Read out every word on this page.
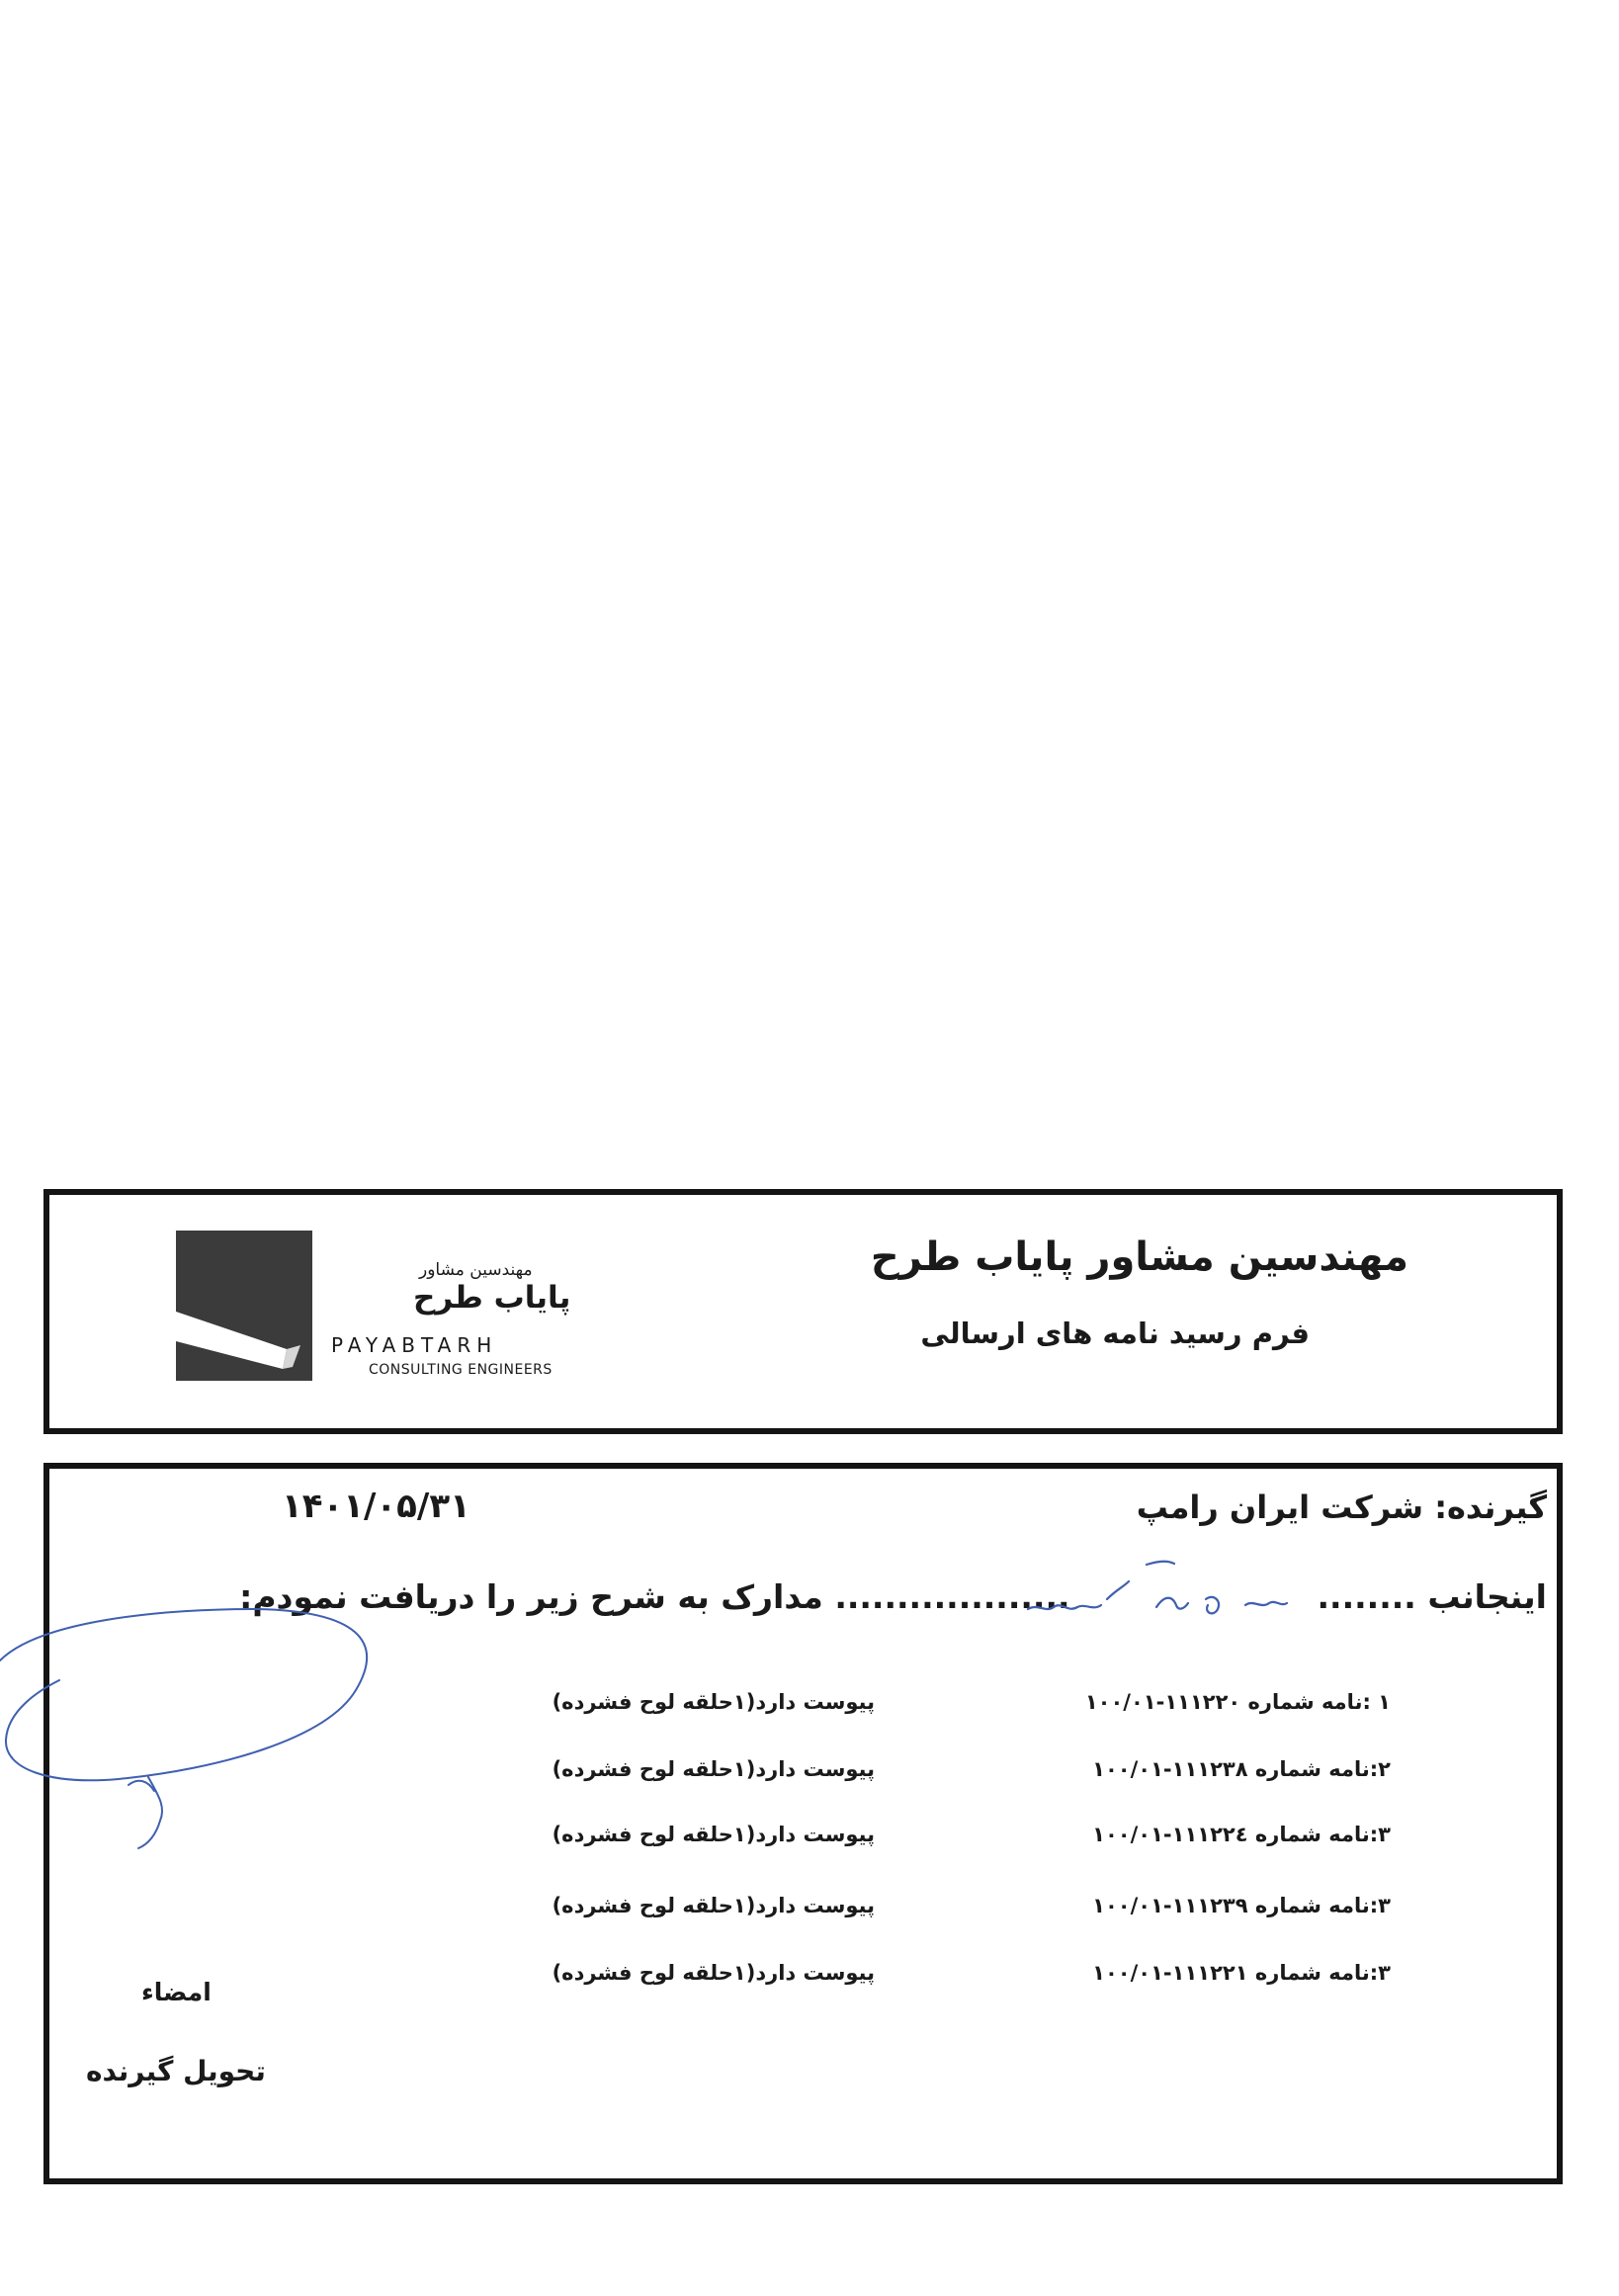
مهندسین مشاور
پایاب طرح
PAYABTARH
CONSULTING ENGINEERS
مهندسین مشاور پایاب طرح
فرم رسید نامه های ارسالی
گیرنده: شرکت ایران رامپ
۱۴۰۱/۰۵/۳۱
اینجانب ........................... مدارک به شرح زیر را دریافت نمودم:
۱ :نامه شماره ۱۱۱۲۲۰-۱۰۰/۰۱
پیوست دارد(۱حلقه لوح فشرده)
۲:نامه شماره ۱۱۱۲۳۸-۱۰۰/۰۱
پیوست دارد(۱حلقه لوح فشرده)
۳:نامه شماره ۱۱۱۲۲٤-۱۰۰/۰۱
پیوست دارد(۱حلقه لوح فشرده)
۳:نامه شماره ۱۱۱۲۳۹-۱۰۰/۰۱
پیوست دارد(۱حلقه لوح فشرده)
۳:نامه شماره ۱۱۱۲۲۱-۱۰۰/۰۱
پیوست دارد(۱حلقه لوح فشرده)
امضاء
تحویل گیرنده
